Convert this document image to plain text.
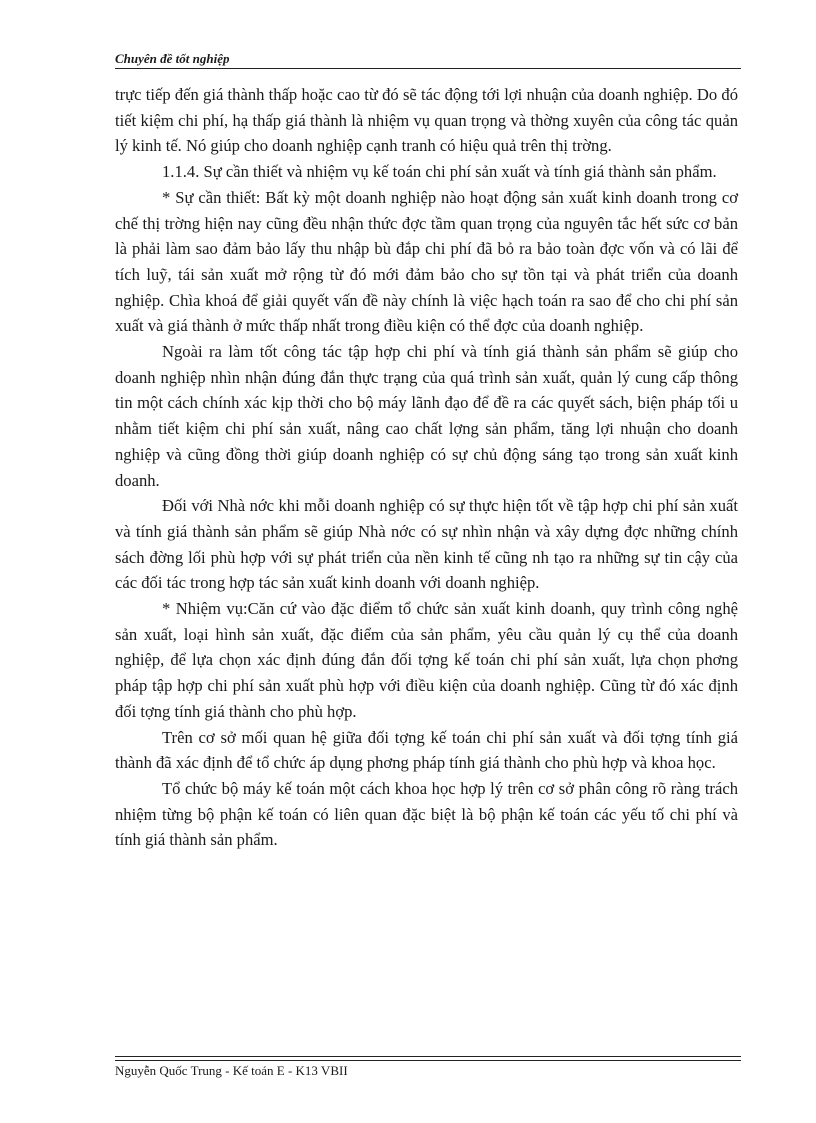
Chuyên đề tốt nghiệp

trực tiếp đến giá thành thấp hoặc cao từ đó sẽ tác động tới lợi nhuận của doanh nghiệp. Do đó tiết kiệm chi phí, hạ thấp giá thành là nhiệm vụ quan trọng và thờng xuyên của công tác quản lý kinh tế. Nó giúp cho doanh nghiệp cạnh tranh có hiệu quả trên thị trờng.

1.1.4. Sự cần thiết và nhiệm vụ kế toán chi phí sản xuất và tính giá thành sản phẩm.

* Sự cần thiết: Bất kỳ một doanh nghiệp nào hoạt động sản xuất kinh doanh trong cơ chế thị trờng hiện nay cũng đều nhận thức đợc tầm quan trọng của nguyên tắc hết sức cơ bản là phải làm sao đảm bảo lấy thu nhập bù đắp chi phí đã bỏ ra bảo toàn đợc vốn và có lãi để tích luỹ, tái sản xuất mở rộng từ đó mới đảm bảo cho sự tồn tại và phát triển của doanh nghiệp. Chìa khoá để giải quyết vấn đề này chính là việc hạch toán ra sao để cho chi phí sản xuất và giá thành ở mức thấp nhất trong điều kiện có thể đợc của doanh nghiệp.

Ngoài ra làm tốt công tác tập hợp chi phí và tính giá thành sản phẩm sẽ giúp cho doanh nghiệp nhìn nhận đúng đắn thực trạng của quá trình sản xuất, quản lý cung cấp thông tin một cách chính xác kịp thời cho bộ máy lãnh đạo để đề ra các quyết sách, biện pháp tối u nhằm tiết kiệm chi phí sản xuất, nâng cao chất lợng sản phẩm, tăng lợi nhuận cho doanh nghiệp và cũng đồng thời giúp doanh nghiệp có sự chủ động sáng tạo trong sản xuất kinh doanh.

Đối với Nhà nớc khi mỗi doanh nghiệp có sự thực hiện tốt về tập hợp chi phí sản xuất và tính giá thành sản phẩm sẽ giúp Nhà nớc có sự nhìn nhận và xây dựng đợc những chính sách đờng lối phù hợp với sự phát triển của nền kinh tế cũng nh tạo ra những sự tin cậy của các đối tác trong hợp tác sản xuất kinh doanh với doanh nghiệp.

* Nhiệm vụ:Căn cứ vào đặc điểm tổ chức sản xuất kinh doanh, quy trình công nghệ sản xuất, loại hình sản xuất, đặc điểm của sản phẩm, yêu cầu quản lý cụ thể của doanh nghiệp, để lựa chọn xác định đúng đắn đối tợng kế toán chi phí sản xuất, lựa chọn phơng pháp tập hợp chi phí sản xuất phù hợp với điều kiện của doanh nghiệp. Cũng từ đó xác định đối tợng tính giá thành cho phù hợp.

Trên cơ sở mối quan hệ giữa đối tợng kế toán chi phí sản xuất và đối tợng tính giá thành đã xác định để tổ chức áp dụng phơng pháp tính giá thành cho phù hợp và khoa học.

Tổ chức bộ máy kế toán một cách khoa học hợp lý trên cơ sở phân công rõ ràng trách nhiệm từng bộ phận kế toán có liên quan đặc biệt là bộ phận kế toán các yếu tố chi phí và tính giá thành sản phẩm.

Nguyễn Quốc Trung - Kế toán E - K13 VBII
